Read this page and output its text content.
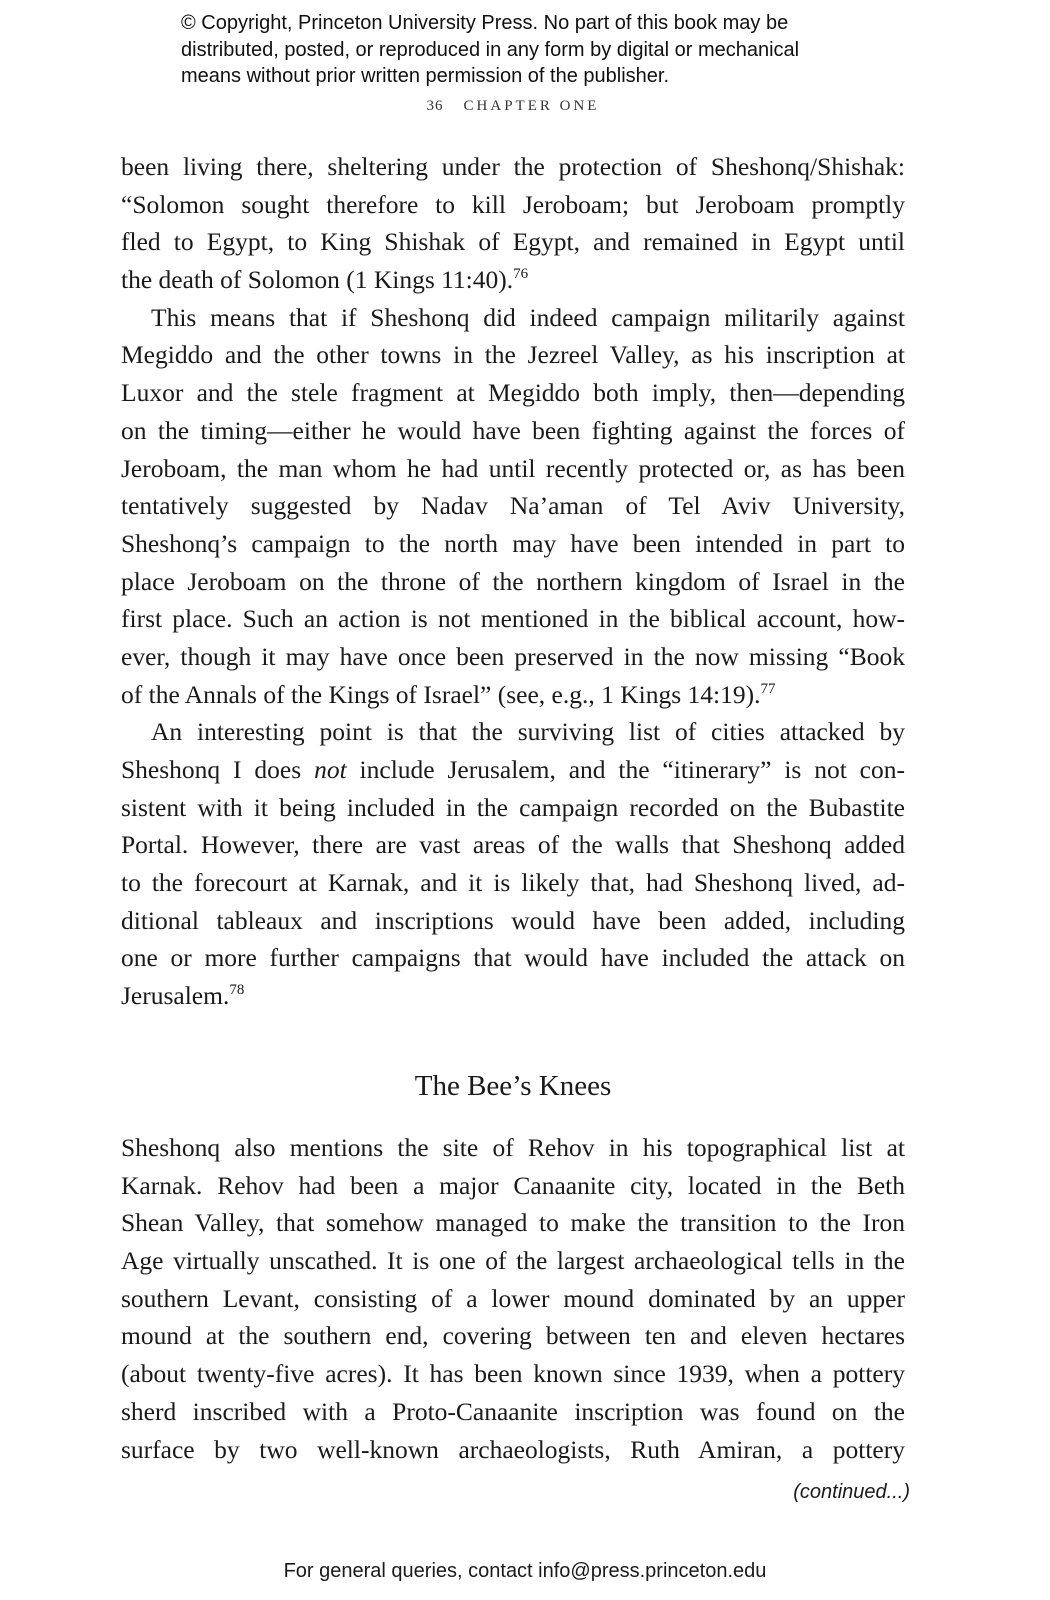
© Copyright, Princeton University Press. No part of this book may be
distributed, posted, or reproduced in any form by digital or mechanical
means without prior written permission of the publisher.
36 CHAPTER ONE
been living there, sheltering under the protection of Sheshonq/Shishak:
“Solomon sought therefore to kill Jeroboam; but Jeroboam promptly
fled to Egypt, to King Shishak of Egypt, and remained in Egypt until
the death of Solomon (1 Kings 11:40).$^{76}$
This means that if Sheshonq did indeed campaign militarily against
Megiddo and the other towns in the Jezreel Valley, as his inscription at
Luxor and the stele fragment at Megiddo both imply, then—depending
on the timing—either he would have been fighting against the forces of
Jeroboam, the man whom he had until recently protected or, as has been
tentatively suggested by Nadav Na’aman of Tel Aviv University,
Sheshonq’s campaign to the north may have been intended in part to
place Jeroboam on the throne of the northern kingdom of Israel in the
first place. Such an action is not mentioned in the biblical account, how-
ever, though it may have once been preserved in the now missing “Book
of the Annals of the Kings of Israel” (see, e.g., 1 Kings 14:19).$^{77}$
An interesting point is that the surviving list of cities attacked by
Sheshonq I does not include Jerusalem, and the “itinerary” is not con-
sistent with it being included in the campaign recorded on the Bubastite
Portal. However, there are vast areas of the walls that Sheshonq added
to the forecourt at Karnak, and it is likely that, had Sheshonq lived, ad-
ditional tableaux and inscriptions would have been added, including
one or more further campaigns that would have included the attack on
Jerusalem.$^{78}$
The Bee’s Knees
Sheshonq also mentions the site of Rehov in his topographical list at
Karnak. Rehov had been a major Canaanite city, located in the Beth
Shean Valley, that somehow managed to make the transition to the Iron
Age virtually unscathed. It is one of the largest archaeological tells in the
southern Levant, consisting of a lower mound dominated by an upper
mound at the southern end, covering between ten and eleven hectares
(about twenty-five acres). It has been known since 1939, when a pottery
sherd inscribed with a Proto-Canaanite inscription was found on the
surface by two well-known archaeologists, Ruth Amiran, a pottery
(continued...)
For general queries, contact info@press.princeton.edu
